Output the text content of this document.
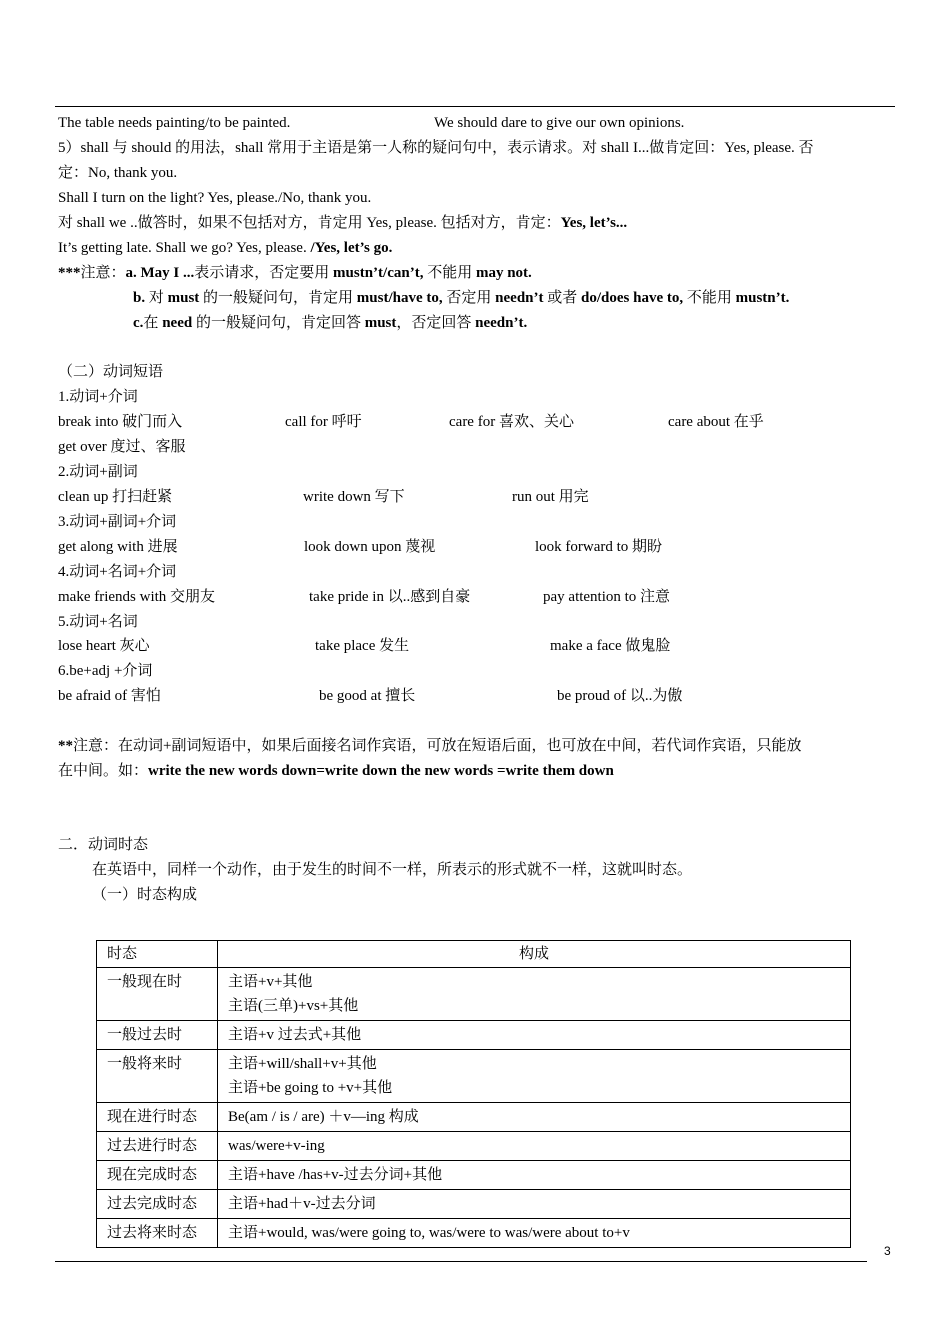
The table needs painting/to be painted.	We should dare to give our own opinions.
5）shall 与 should 的用法，shall 常用于主语是第一人称的疑问句中，表示请求。对 shall I...做肯定回：Yes, please. 否
定：No, thank you.
Shall I turn on the light? Yes, please./No, thank you.
对 shall we ..做答时，如果不包括对方，肯定用 Yes, please. 包括对方，肯定：Yes, let’s...
It’s getting late. Shall we go? Yes, please. /Yes, let’s go.
***注意：a. May I ...表示请求，否定要用 mustn’t/can’t, 不能用 may not.
b. 对 must 的一般疑问句，肯定用 must/have to, 否定用 needn’t 或者 do/does have to, 不能用 mustn’t.
c.在 need 的一般疑问句，肯定回答 must，否定回答 needn’t.
（二）动词短语
1.动词+介词
break into 破门而入	call for 呼吁	care for 喜欢、关心	care about 在乎
get over 度过、客服
2.动词+副词
clean up 打扫赶紧	write down 写下	run out 用完
3.动词+副词+介词
get along with 进展	look down upon 蔑视	look forward to 期盼
4.动词+名词+介词
make friends with 交朋友	take pride in 以..感到自豪	pay attention to 注意
5.动词+名词
lose heart 灰心	take place 发生	make a face 做鬼脸
6.be+adj +介词
be afraid of 害怕	be good at 擅长	be proud of 以..为傲
**注意：在动词+副词短语中，如果后面接名词作宾语，可放在短语后面，也可放在中间，若代词作宾语，只能放
在中间。如：write the new words down=write down the new words =write them down
二．动词时态
在英语中，同样一个动作，由于发生的时间不一样，所表示的形式就不一样，这就叫时态。
（一）时态构成
时态	构成
一般现在时	主语+v+其他
主语(三单)+vs+其他

一般过去时	主语+v 过去式+其他

一般将来时	主语+will/shall+v+其他
主语+be going to +v+其他

现在进行时态	Be(am / is / are) ＋v—ing 构成

过去进行时态	was/were+v-ing

现在完成时态	主语+have /has+v-过去分词+其他

过去完成时态	主语+had＋v-过去分词

过去将来时态	主语+would, was/were going to, was/were to was/were about to+v
3
